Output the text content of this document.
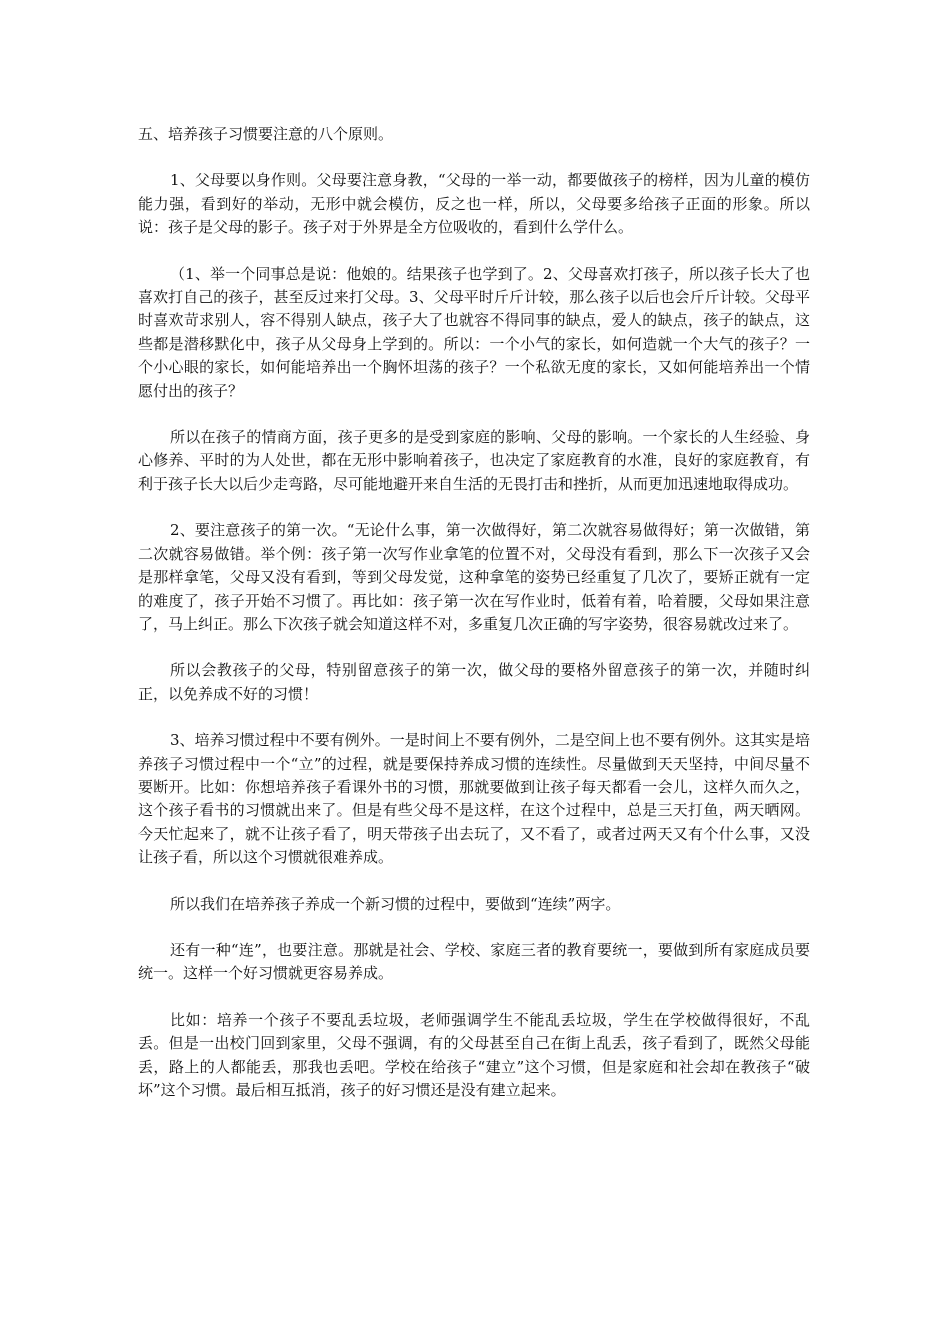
五、培养孩子习惯要注意的八个原则。

1、父母要以身作则。父母要注意身教，“父母的一举一动，都要做孩子的榜样，因为儿童的模仿能力强，看到好的举动，无形中就会模仿，反之也一样，所以，父母要多给孩子正面的形象。所以说：孩子是父母的影子。孩子对于外界是全方位吸收的，看到什么学什么。

（1、举一个同事总是说：他娘的。结果孩子也学到了。2、父母喜欢打孩子，所以孩子长大了也喜欢打自己的孩子，甚至反过来打父母。3、父母平时斤斤计较，那么孩子以后也会斤斤计较。父母平时喜欢苛求别人，容不得别人缺点，孩子大了也就容不得同事的缺点，爱人的缺点，孩子的缺点，这些都是潜移默化中，孩子从父母身上学到的。所以：一个小气的家长，如何造就一个大气的孩子？一个小心眼的家长，如何能培养出一个胸怀坦荡的孩子？一个私欲无度的家长，又如何能培养出一个情愿付出的孩子？

所以在孩子的情商方面，孩子更多的是受到家庭的影响、父母的影响。一个家长的人生经验、身心修养、平时的为人处世，都在无形中影响着孩子，也决定了家庭教育的水准，良好的家庭教育，有利于孩子长大以后少走弯路，尽可能地避开来自生活的无畏打击和挫折，从而更加迅速地取得成功。

2、要注意孩子的第一次。“无论什么事，第一次做得好，第二次就容易做得好；第一次做错，第二次就容易做错。举个例：孩子第一次写作业拿笔的位置不对，父母没有看到，那么下一次孩子又会是那样拿笔，父母又没有看到，等到父母发觉，这种拿笔的姿势已经重复了几次了，要矫正就有一定的难度了，孩子开始不习惯了。再比如：孩子第一次在写作业时，低着有着，哈着腰，父母如果注意了，马上纠正。那么下次孩子就会知道这样不对，多重复几次正确的写字姿势，很容易就改过来了。

所以会教孩子的父母，特别留意孩子的第一次，做父母的要格外留意孩子的第一次，并随时纠正，以免养成不好的习惯！

3、培养习惯过程中不要有例外。一是时间上不要有例外，二是空间上也不要有例外。这其实是培养孩子习惯过程中一个“立”的过程，就是要保持养成习惯的连续性。尽量做到天天坚持，中间尽量不要断开。比如：你想培养孩子看课外书的习惯，那就要做到让孩子每天都看一会儿，这样久而久之，这个孩子看书的习惯就出来了。但是有些父母不是这样，在这个过程中，总是三天打鱼，两天晒网。今天忙起来了，就不让孩子看了，明天带孩子出去玩了，又不看了，或者过两天又有个什么事，又没让孩子看，所以这个习惯就很难养成。

所以我们在培养孩子养成一个新习惯的过程中，要做到“连续”两字。

还有一种“连”，也要注意。那就是社会、学校、家庭三者的教育要统一，要做到所有家庭成员要统一。这样一个好习惯就更容易养成。

比如：培养一个孩子不要乱丢垃圾，老师强调学生不能乱丢垃圾，学生在学校做得很好，不乱丢。但是一出校门回到家里，父母不强调，有的父母甚至自己在街上乱丢，孩子看到了，既然父母能丢，路上的人都能丢，那我也丢吧。学校在给孩子“建立”这个习惯，但是家庭和社会却在教孩子“破坏”这个习惯。最后相互抵消，孩子的好习惯还是没有建立起来。
